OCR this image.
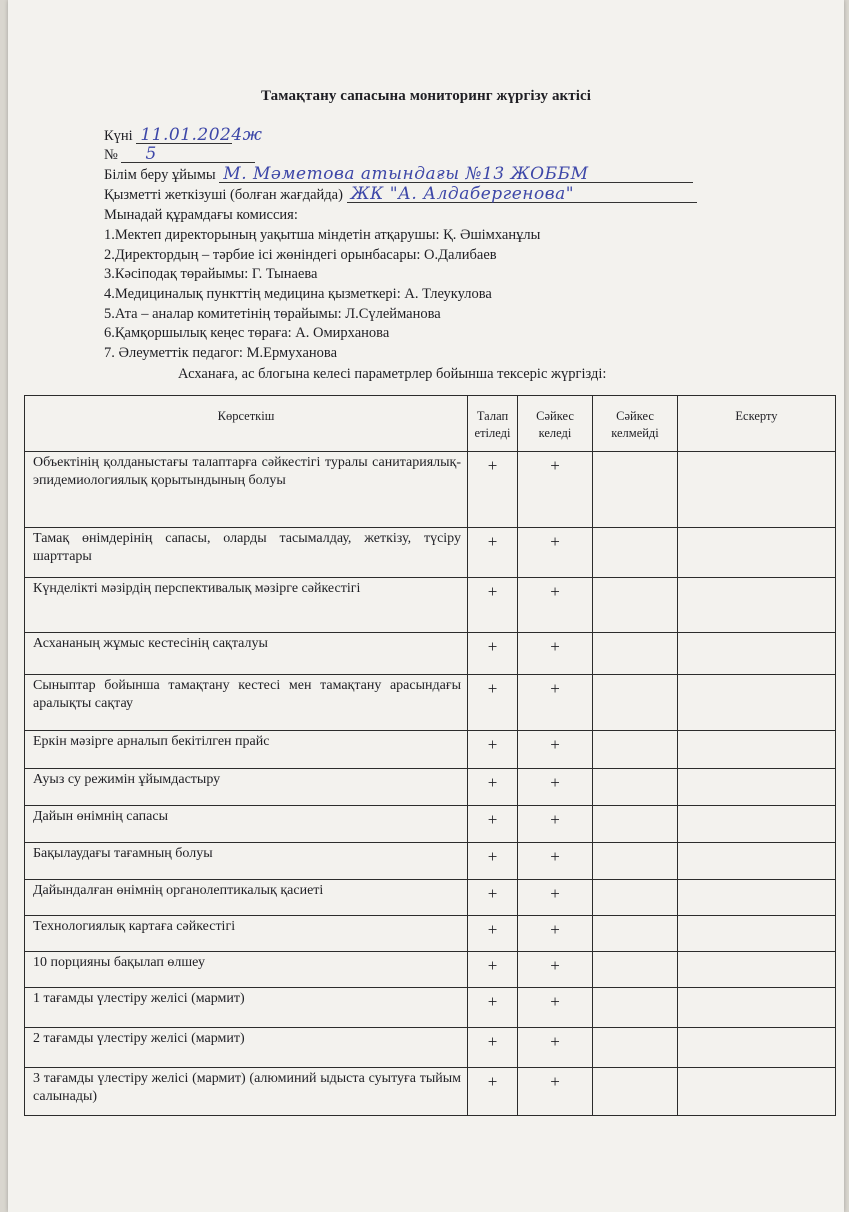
Тамақтану сапасына мониторинг жүргізу актісі
Күні 11.01.2024ж
№ 5
Білім беру ұйымы М. Мәметова атындағы №13 ЖОББМ
Қызметті жеткізуші (болған жағдайда) ЖК "А. Алдабергенова"
Мынадай құрамдағы комиссия:
1.Мектеп директорының уақытша міндетін атқарушы: Қ. Әшімханұлы
2.Директордың – тәрбие ісі жөніндегі орынбасары: О.Далибаев
3.Кәсіподақ төрайымы: Г. Тынаева
4.Медициналық пункттің медицина қызметкері: А. Тлеукулова
5.Ата – аналар комитетінің төрайымы: Л.Сүлейманова
6.Қамқоршылық кеңес төраға: А. Омирханова
7. Әлеуметтік педагог: М.Ермуханова
Асханаға, ас блогына келесі параметрлер бойынша тексеріс жүргізді:
Көрсеткіш	Талап етіледі	Сәйкес келеді	Сәйкес келмейді	Ескерту
Объектінің қолданыстағы талаптарға сәйкестігі туралы санитариялық-эпидемиологиялық қорытындының болуы	+	+		
Тамақ өнімдерінің сапасы, оларды тасымалдау, жеткізу, түсіру шарттары	+	+		
Күнделікті мәзірдің перспективалық мәзірге сәйкестігі	+	+		
Асхананың жұмыс кестесінің сақталуы	+	+		
Сыныптар бойынша тамақтану кестесі мен тамақтану арасындағы аралықты сақтау	+	+		
Еркін мәзірге арналып бекітілген прайс	+	+		
Ауыз су режимін ұйымдастыру	+	+		
Дайын өнімнің сапасы	+	+		
Бақылаудағы тағамның болуы	+	+		
Дайындалған өнімнің органолептикалық қасиеті	+	+		
Технологиялық картаға сәйкестігі	+	+		
10 порцияны бақылап өлшеу	+	+		
1 тағамды үлестіру желісі (мармит)	+	+		
2 тағамды үлестіру желісі (мармит)	+	+		
3 тағамды үлестіру желісі (мармит) (алюминий ыдыста суытуға тыйым салынады)	+	+		
